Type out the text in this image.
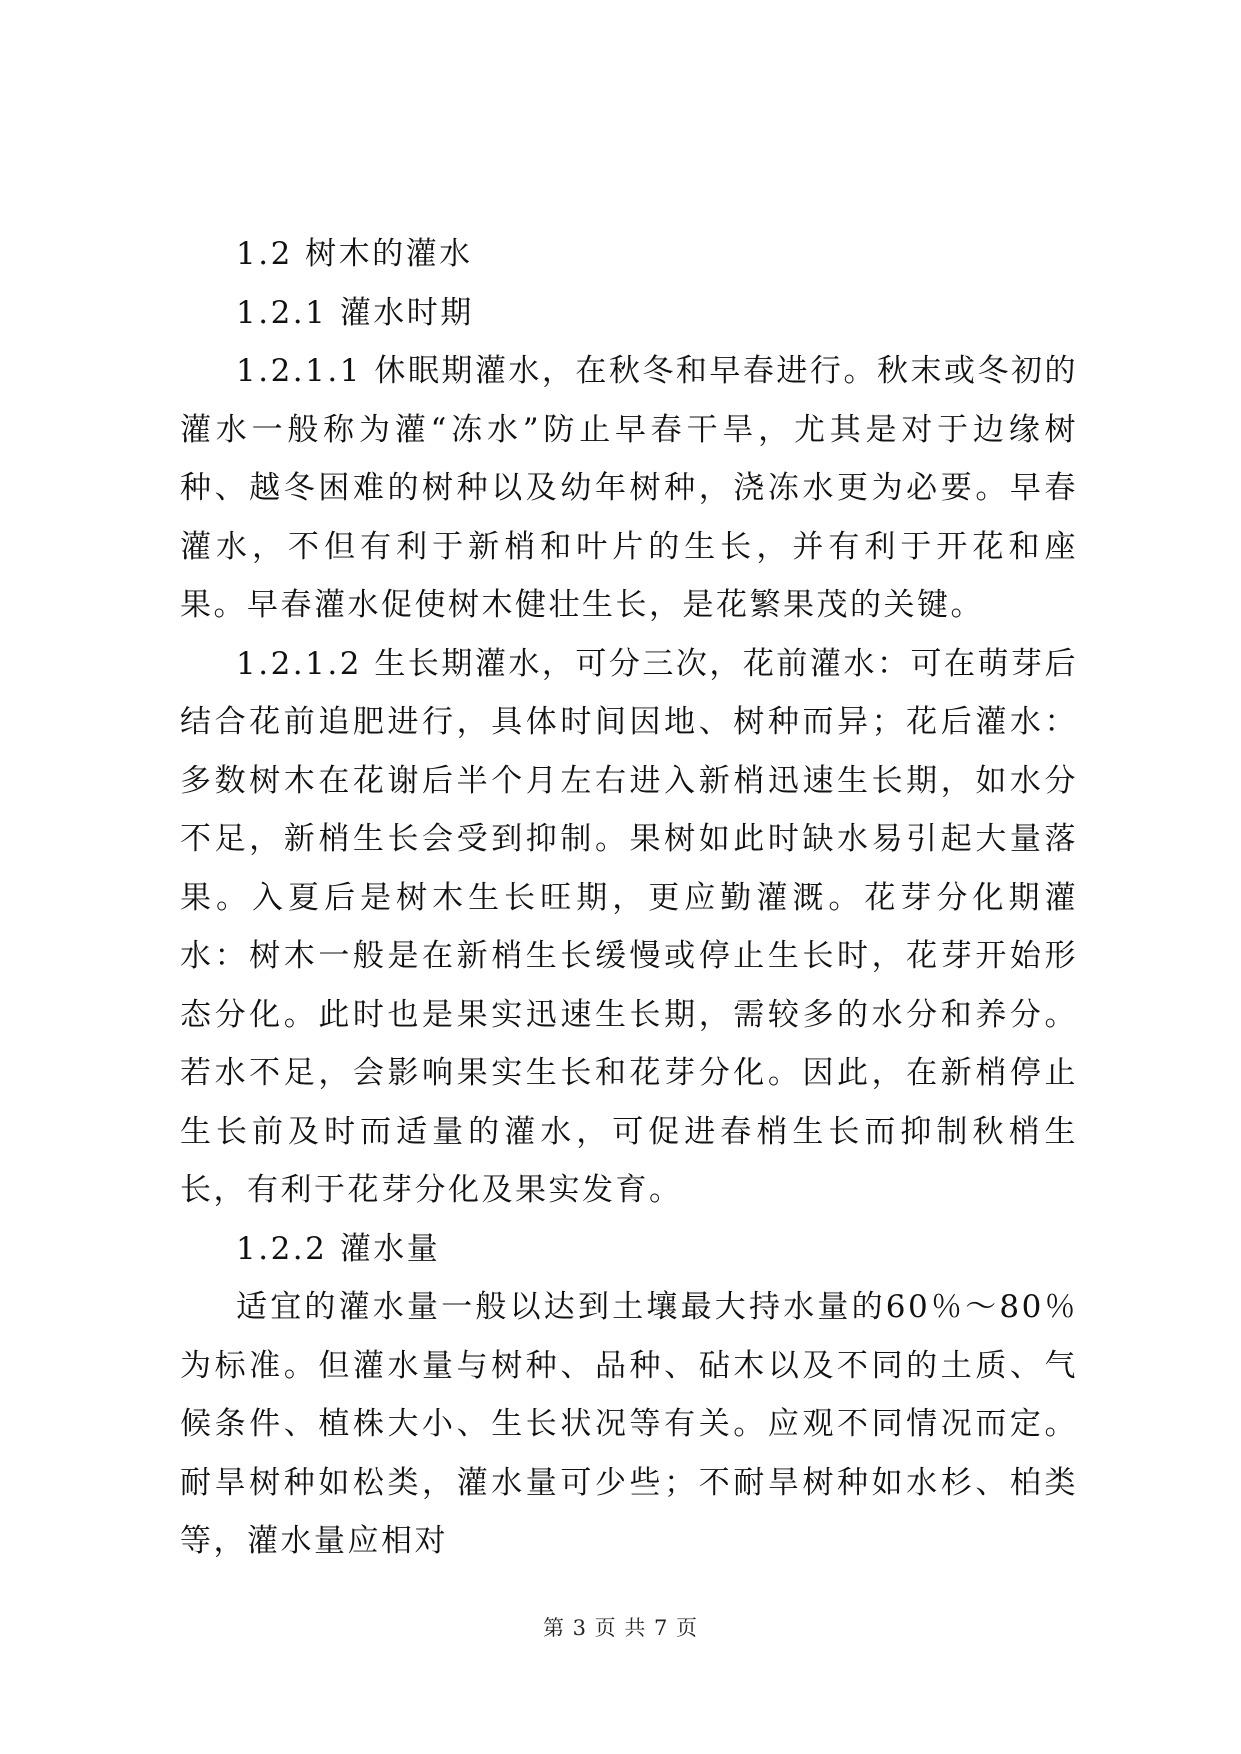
1.2 树木的灌水

1.2.1 灌水时期

1.2.1.1 休眠期灌水，在秋冬和早春进行。秋末或冬初的灌水一般称为灌“冻水”防止早春干旱，尤其是对于边缘树种、越冬困难的树种以及幼年树种，浇冻水更为必要。早春灌水，不但有利于新梢和叶片的生长，并有利于开花和座果。早春灌水促使树木健壮生长，是花繁果茂的关键。

1.2.1.2 生长期灌水，可分三次，花前灌水：可在萌芽后结合花前追肥进行，具体时间因地、树种而异；花后灌水：多数树木在花谢后半个月左右进入新梢迅速生长期，如水分不足，新梢生长会受到抑制。果树如此时缺水易引起大量落果。入夏后是树木生长旺期，更应勤灌溉。花芽分化期灌水：树木一般是在新梢生长缓慢或停止生长时，花芽开始形态分化。此时也是果实迅速生长期，需较多的水分和养分。若水不足，会影响果实生长和花芽分化。因此，在新梢停止生长前及时而适量的灌水，可促进春梢生长而抑制秋梢生长，有利于花芽分化及果实发育。

1.2.2 灌水量

适宜的灌水量一般以达到土壤最大持水量的60％～80％为标准。但灌水量与树种、品种、砧木以及不同的土质、气候条件、植株大小、生长状况等有关。应观不同情况而定。耐旱树种如松类，灌水量可少些；不耐旱树种如水杉、柏类等，灌水量应相对

第 3 页 共 7 页
